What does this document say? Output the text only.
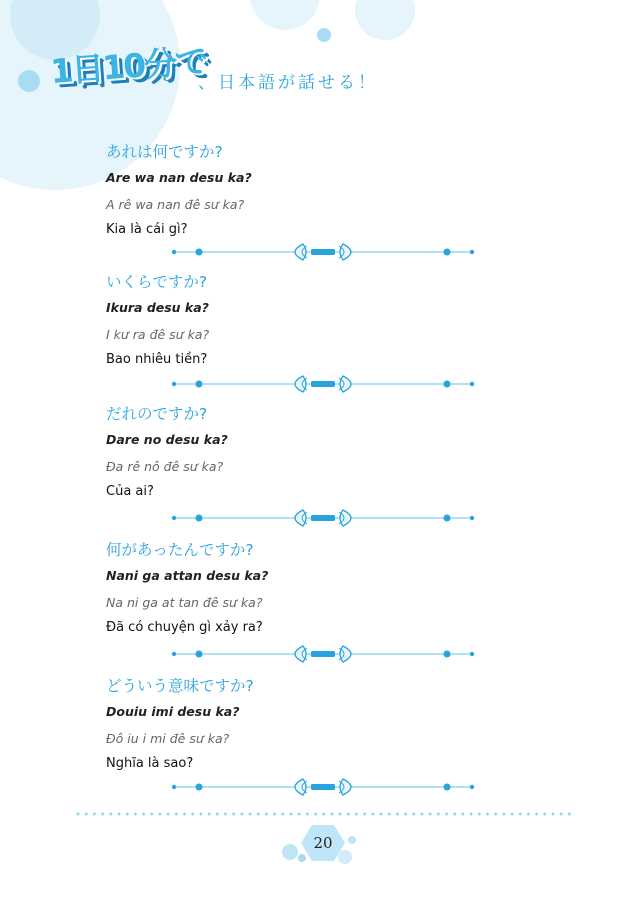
1日10分で
、日本語が話せる！
あれは何ですか?
Are wa nan desu ka?
A rê wa nan đê sư ka?
Kia là cái gì?
いくらですか?
Ikura desu ka?
I kư ra đê sư ka?
Bao nhiêu tiền?
だれのですか?
Dare no desu ka?
Đa rê nô đê sư ka?
Của ai?
何があったんですか?
Nani ga attan desu ka?
Na ni ga at tan đê sư ka?
Đã có chuyện gì xảy ra?
どういう意味ですか?
Douiu imi desu ka?
Đô iu i mi đê sư ka?
Nghĩa là sao?
20
